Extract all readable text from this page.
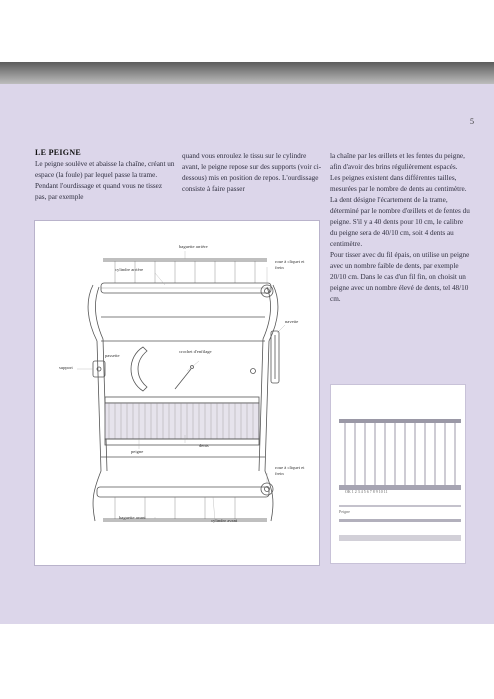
5
LE PEIGNE

Le peigne soulève et abaisse la chaîne, créant un espace (la foule) par lequel passe la trame. Pendant l'ourdissage et quand vous ne tissez pas, par exemple

quand vous enroulez le tissu sur le cylindre avant, le peigne repose sur des supports (voir ci-dessous) mis en position de repos. L'ourdissage consiste à faire passer

la chaîne par les œillets et les fentes du peigne, afin d'avoir des brins régulièrement espacés.

Les peignes existent dans différentes tailles, mesurées par le nombre de dents au centimètre. La dent désigne l'écartement de la trame, déterminé par le nombre d'œillets et de fentes du peigne. S'il y a 40 dents pour 10 cm, le calibre du peigne sera de 40/10 cm, soit 4 dents au centimètre.

Pour tisser avec du fil épais, on utilise un peigne avec un nombre faible de dents, par exemple 20/10 cm. Dans le cas d'un fil fin, on choisit un peigne avec un nombre élevé de dents, tel 48/10 cm.

baguette arrière
cylindre arrière
roue à cliquet et frein
navette
support
passette
crochet d'enfilage
dents
peigne
roue à cliquet et frein
baguette avant
cylindre avant
OK 1 2 3 4 5 6 7 8 9 10 11
Peigne
